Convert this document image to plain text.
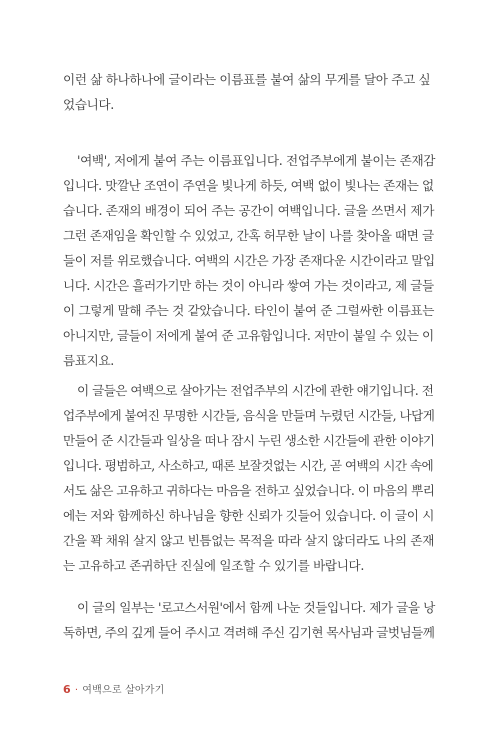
이런 삶 하나하나에 글이라는 이름표를 붙여 삶의 무게를 달아 주고 싶
었습니다.
'여백', 저에게 붙여 주는 이름표입니다. 전업주부에게 붙이는 존재감
입니다. 맛깔난 조연이 주연을 빛나게 하듯, 여백 없이 빛나는 존재는 없
습니다. 존재의 배경이 되어 주는 공간이 여백입니다. 글을 쓰면서 제가
그런 존재임을 확인할 수 있었고, 간혹 허무한 날이 나를 찾아올 때면 글
들이 저를 위로했습니다. 여백의 시간은 가장 존재다운 시간이라고 말입
니다. 시간은 흘러가기만 하는 것이 아니라 쌓여 가는 것이라고, 제 글들
이 그렇게 말해 주는 것 같았습니다. 타인이 붙여 준 그럴싸한 이름표는
아니지만, 글들이 저에게 붙여 준 고유함입니다. 저만이 붙일 수 있는 이
름표지요.
이 글들은 여백으로 살아가는 전업주부의 시간에 관한 얘기입니다. 전
업주부에게 붙여진 무명한 시간들, 음식을 만들며 누렸던 시간들, 나답게
만들어 준 시간들과 일상을 떠나 잠시 누린 생소한 시간들에 관한 이야기
입니다. 평범하고, 사소하고, 때론 보잘것없는 시간, 곧 여백의 시간 속에
서도 삶은 고유하고 귀하다는 마음을 전하고 싶었습니다. 이 마음의 뿌리
에는 저와 함께하신 하나님을 향한 신뢰가 깃들어 있습니다. 이 글이 시
간을 꽉 채워 살지 않고 빈틈없는 목적을 따라 살지 않더라도 나의 존재
는 고유하고 존귀하단 진실에 일조할 수 있기를 바랍니다.
이 글의 일부는 '로고스서원'에서 함께 나눈 것들입니다. 제가 글을 낭
독하면, 주의 깊게 들어 주시고 격려해 주신 김기현 목사님과 글벗님들께
6 · 여백으로 살아가기
